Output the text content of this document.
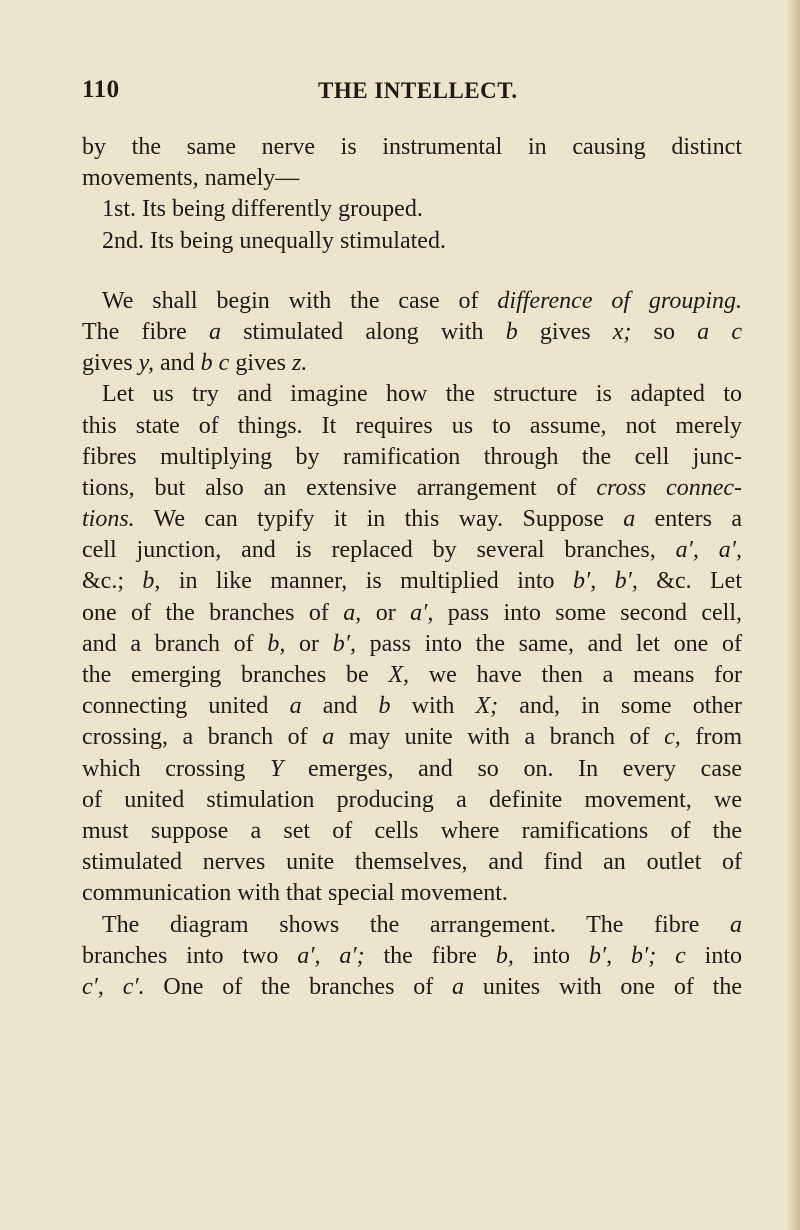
110	THE INTELLECT.
by the same nerve is instrumental in causing distinct
movements, namely—
1st. Its being differently grouped.
2nd. Its being unequally stimulated.
We shall begin with the case of difference of grouping.
The fibre a stimulated along with b gives x; so a c
gives y, and b c gives z.
Let us try and imagine how the structure is adapted to
this state of things. It requires us to assume, not merely
fibres multiplying by ramification through the cell junc-
tions, but also an extensive arrangement of cross connec-
tions. We can typify it in this way. Suppose a enters a
cell junction, and is replaced by several branches, a′, a′,
&c.; b, in like manner, is multiplied into b′, b′, &c. Let
one of the branches of a, or a′, pass into some second cell,
and a branch of b, or b′, pass into the same, and let one of
the emerging branches be X, we have then a means for
connecting united a and b with X; and, in some other
crossing, a branch of a may unite with a branch of c, from
which crossing Y emerges, and so on. In every case
of united stimulation producing a definite movement, we
must suppose a set of cells where ramifications of the
stimulated nerves unite themselves, and find an outlet of
communication with that special movement.
The diagram shows the arrangement. The fibre a
branches into two a′, a′; the fibre b, into b′, b′; c into
c′, c′. One of the branches of a unites with one of the
